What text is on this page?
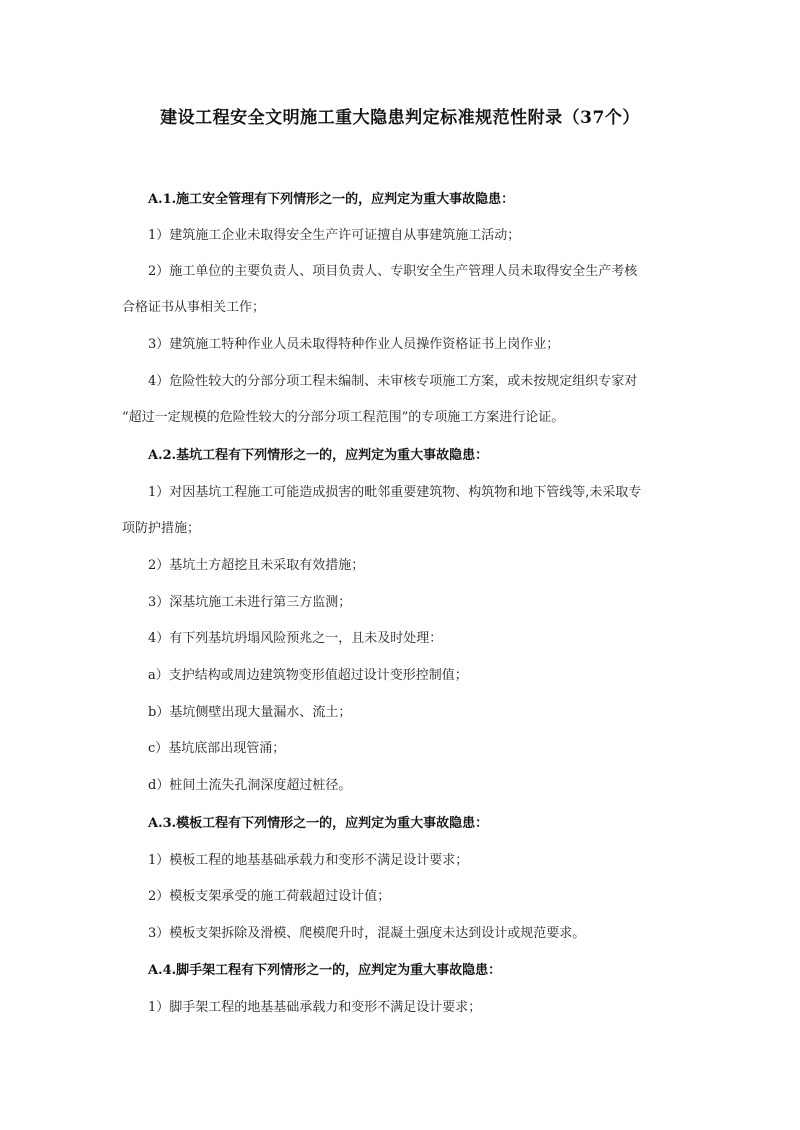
建设工程安全文明施工重大隐患判定标准规范性附录（37个）

A.1.施工安全管理有下列情形之一的，应判定为重大事故隐患：

1）建筑施工企业未取得安全生产许可证擅自从事建筑施工活动；

2）施工单位的主要负责人、项目负责人、专职安全生产管理人员未取得安全生产考核

合格证书从事相关工作；

3）建筑施工特种作业人员未取得特种作业人员操作资格证书上岗作业；

4）危险性较大的分部分项工程未编制、未审核专项施工方案，或未按规定组织专家对

“超过一定规模的危险性较大的分部分项工程范围”的专项施工方案进行论证。

A.2.基坑工程有下列情形之一的，应判定为重大事故隐患：

1）对因基坑工程施工可能造成损害的毗邻重要建筑物、构筑物和地下管线等,未采取专

项防护措施；

2）基坑土方超挖且未采取有效措施；

3）深基坑施工未进行第三方监测；

4）有下列基坑坍塌风险预兆之一，且未及时处理：

a）支护结构或周边建筑物变形值超过设计变形控制值；

b）基坑侧壁出现大量漏水、流土；

c）基坑底部出现管涌；

d）桩间土流失孔洞深度超过桩径。

A.3.模板工程有下列情形之一的，应判定为重大事故隐患：

1）模板工程的地基基础承载力和变形不满足设计要求；

2）模板支架承受的施工荷载超过设计值；

3）模板支架拆除及滑模、爬模爬升时，混凝土强度未达到设计或规范要求。

A.4.脚手架工程有下列情形之一的，应判定为重大事故隐患：

1）脚手架工程的地基基础承载力和变形不满足设计要求；
